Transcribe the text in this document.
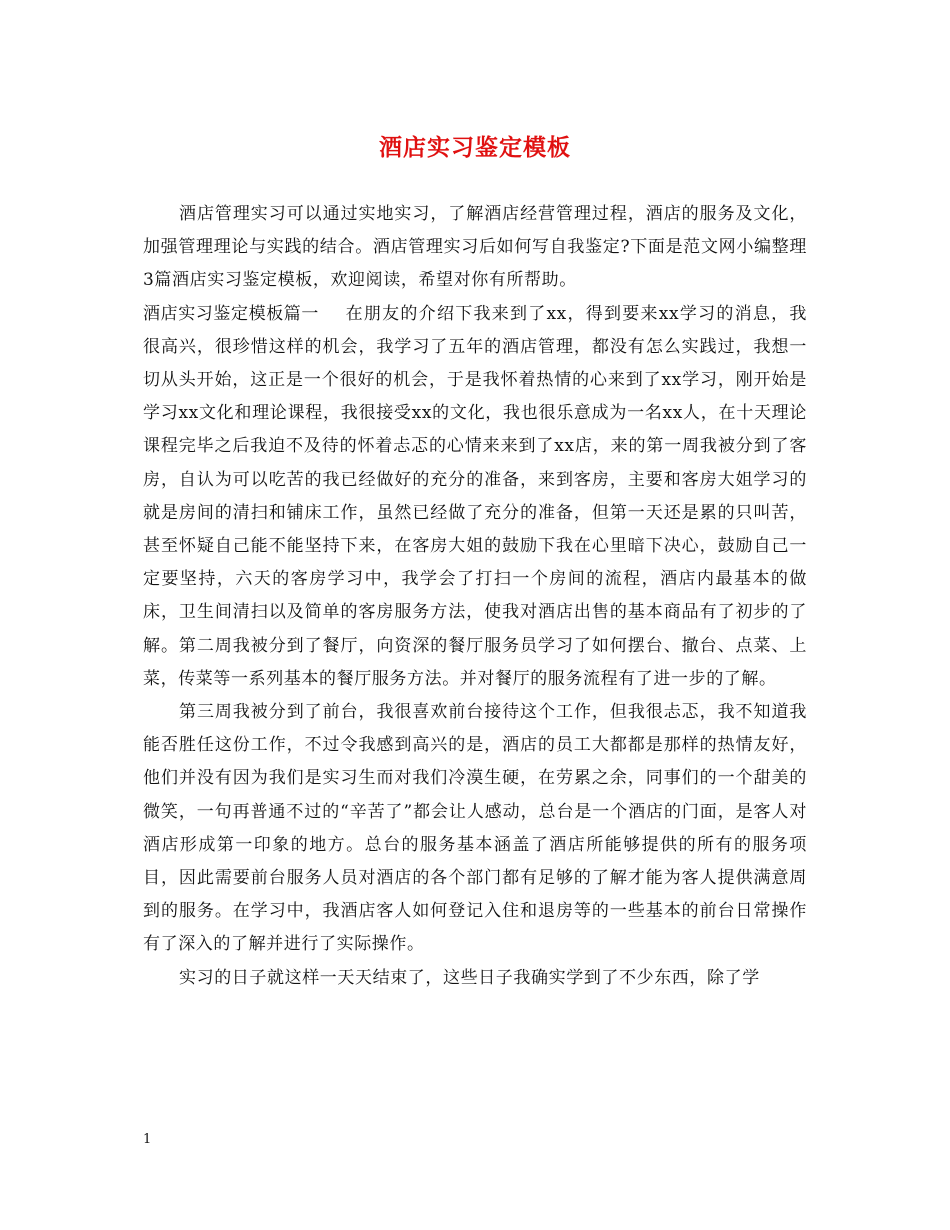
酒店实习鉴定模板

酒店管理实习可以通过实地实习，了解酒店经营管理过程，酒店的服务及文化，加强管理理论与实践的结合。酒店管理实习后如何写自我鉴定?下面是范文网小编整理3篇酒店实习鉴定模板，欢迎阅读，希望对你有所帮助。

酒店实习鉴定模板篇一 在朋友的介绍下我来到了xx，得到要来xx学习的消息，我很高兴，很珍惜这样的机会，我学习了五年的酒店管理，都没有怎么实践过，我想一切从头开始，这正是一个很好的机会，于是我怀着热情的心来到了xx学习，刚开始是学习xx文化和理论课程，我很接受xx的文化，我也很乐意成为一名xx人，在十天理论课程完毕之后我迫不及待的怀着忐忑的心情来来到了xx店，来的第一周我被分到了客房，自认为可以吃苦的我已经做好的充分的准备，来到客房，主要和客房大姐学习的就是房间的清扫和铺床工作，虽然已经做了充分的准备，但第一天还是累的只叫苦，甚至怀疑自己能不能坚持下来，在客房大姐的鼓励下我在心里暗下决心，鼓励自己一定要坚持，六天的客房学习中，我学会了打扫一个房间的流程，酒店内最基本的做床，卫生间清扫以及简单的客房服务方法，使我对酒店出售的基本商品有了初步的了解。第二周我被分到了餐厅，向资深的餐厅服务员学习了如何摆台、撤台、点菜、上菜，传菜等一系列基本的餐厅服务方法。并对餐厅的服务流程有了进一步的了解。

第三周我被分到了前台，我很喜欢前台接待这个工作，但我很忐忑，我不知道我能否胜任这份工作，不过令我感到高兴的是，酒店的员工大都都是那样的热情友好，他们并没有因为我们是实习生而对我们冷漠生硬，在劳累之余，同事们的一个甜美的微笑，一句再普通不过的“辛苦了”都会让人感动，总台是一个酒店的门面，是客人对酒店形成第一印象的地方。总台的服务基本涵盖了酒店所能够提供的所有的服务项目，因此需要前台服务人员对酒店的各个部门都有足够的了解才能为客人提供满意周到的服务。在学习中，我酒店客人如何登记入住和退房等的一些基本的前台日常操作有了深入的了解并进行了实际操作。

实习的日子就这样一天天结束了，这些日子我确实学到了不少东西，除了学

1
